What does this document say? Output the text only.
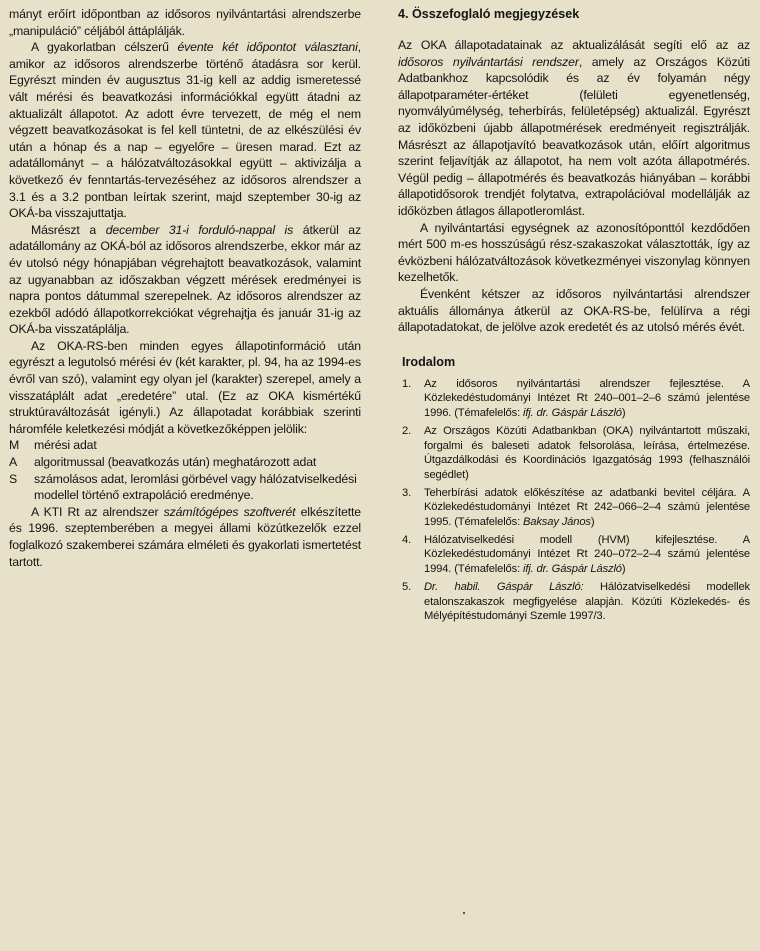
mányt erőírt időpontban az idősoros nyilvántartási alrendszerbe „manipuláció” céljából áttáplálják.

A gyakorlatban célszerű évente két időpontot választani, amikor az idősoros alrendszerbe történő átadásra sor kerül. Egyrészt minden év augusztus 31-ig kell az addig ismeretessé vált mérési és beavatkozási információkkal együtt átadni az aktualizált állapotot. Az adott évre tervezett, de még el nem végzett beavatkozásokat is fel kell tüntetni, de az elkészülési év után a hónap és a nap – egyelőre – üresen marad. Ezt az adatállományt – a hálózatváltozásokkal együtt – aktivizálja a következő év fenntartás-tervezéséhez az idősoros alrendszer a 3.1 és a 3.2 pontban leírtak szerint, majd szeptember 30-ig az OKÁ-ba visszajuttatja.

Másrészt a december 31-i forduló-nappal is átkerül az adatállomány az OKÁ-ból az idősoros alrendszerbe, ekkor már az év utolsó négy hónapjában végrehajtott beavatkozások, valamint az ugyanabban az időszakban végzett mérések eredményei is napra pontos dátummal szerepelnek. Az idősoros alrendszer az ezekből adódó állapotkorrekciókat végrehajtja és január 31-ig az OKÁ-ba visszatáplálja.

Az OKA-RS-ben minden egyes állapotinformáció után egyrészt a legutolsó mérési év (két karakter, pl. 94, ha az 1994-es évről van szó), valamint egy olyan jel (karakter) szerepel, amely a visszatáplált adat „eredetére” utal. (Ez az OKA kismértékű struktúraváltozását igényli.) Az állapotadat korábbiak szerinti háromféle keletkezési módját a következőképpen jelölik:

M	mérési adat
A	algoritmussal (beavatkozás után) meghatározott adat
S	számolásos adat, leromlási görbével vagy hálózatviselkedési modellel történő extrapoláció eredménye.

A KTI Rt az alrendszer számítógépes szoftverét elkészítette és 1996. szeptemberében a megyei állami közútkezelők ezzel foglalkozó szakemberei számára elméleti és gyakorlati ismertetést tartott.

4. Összefoglaló megjegyzések

Az OKA állapotadatainak az aktualizálását segíti elő az az idősoros nyilvántartási rendszer, amely az Országos Közúti Adatbankhoz kapcsolódik és az év folyamán négy állapotparaméter-értéket (felületi egyenetlenség, nyomvályúmélység, teherbírás, felületépség) aktualizál. Egyrészt az időközbeni újabb állapotmérések eredményeit regisztrálják. Másrészt az állapotjavító beavatkozások után, előírt algoritmus szerint feljavítják az állapotot, ha nem volt azóta állapotmérés. Végül pedig – állapotmérés és beavatkozás hiányában – korábbi állapotidősorok trendjét folytatva, extrapolációval modellálják az időközben átlagos állapotleromlást.

A nyilvántartási egységnek az azonosítóponttól kezdődően mért 500 m-es hosszúságú rész-szakaszokat választották, így az évközbeni hálózatváltozások következményei viszonylag könnyen kezelhetők.

Évenként kétszer az idősoros nyilvántartási alrendszer aktuális állománya átkerül az OKA-RS-be, felülírva a régi állapotadatokat, de jelölve azok eredetét és az utolsó mérés évét.

Irodalom
1.	Az idősoros nyilvántartási alrendszer fejlesztése. A Közlekedéstudományi Intézet Rt 240–001–2–6 számú jelentése 1996. (Témafelelős: ifj. dr. Gáspár László)
2.	Az Országos Közúti Adatbankban (OKA) nyilvántartott műszaki, forgalmi és baleseti adatok felsorolása, leírása, értelmezése. Útgazdálkodási és Koordinációs Igazgatóság 1993 (felhasználói segédlet)
3.	Teherbírási adatok előkészítése az adatbanki bevitel céljára. A Közlekedéstudományi Intézet Rt 242–066–2–4 számú jelentése 1995. (Témafelelős: Baksay János)
4.	Hálózatviselkedési modell (HVM) kifejlesztése. A Közlekedéstudományi Intézet Rt 240–072–2–4 számú jelentése 1994. (Témafelelős: ifj. dr. Gáspár László)
5.	Dr. habil. Gáspár László: Hálózatviselkedési modellek etalonszakaszok megfigyelése alapján. Közúti Közlekedés- és Mélyépítéstudományi Szemle 1997/3.
